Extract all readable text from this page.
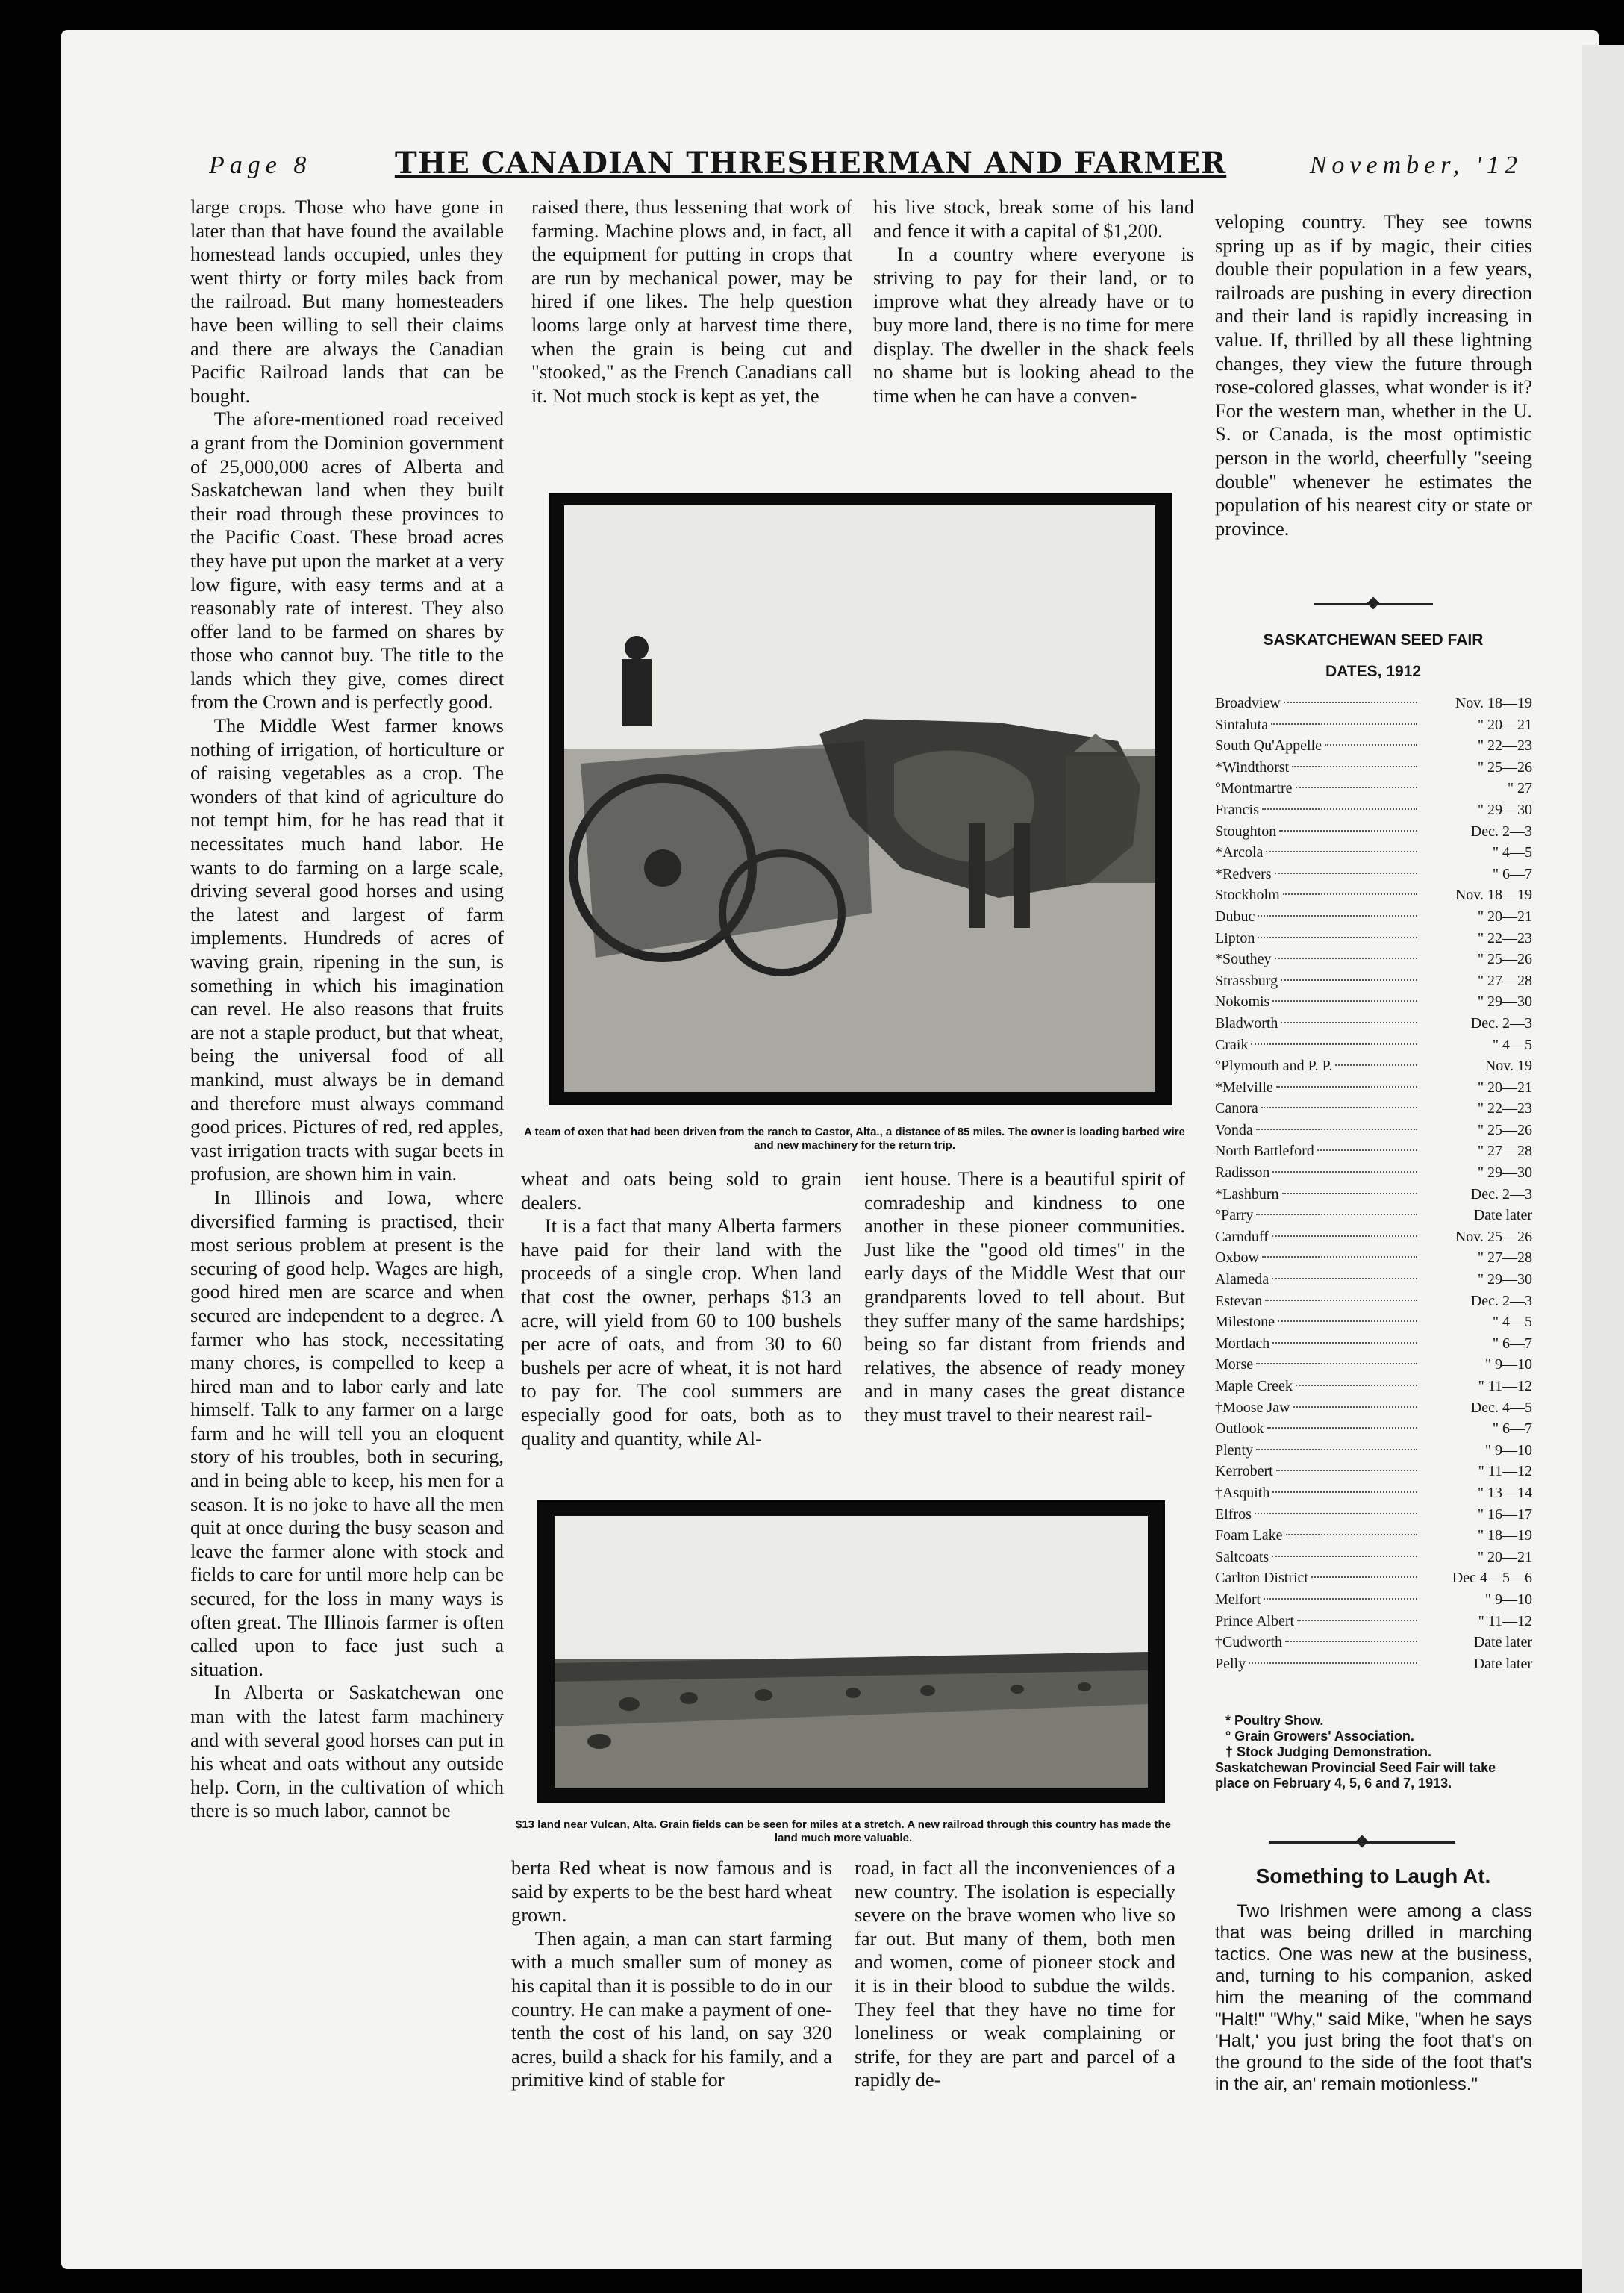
Page 8	THE CANADIAN THRESHERMAN AND FARMER	November, '12

large crops. Those who have gone in later than that have found the available homestead lands occupied, unles they went thirty or forty miles back from the railroad. But many homesteaders have been willing to sell their claims and there are always the Canadian Pacific Railroad lands that can be bought.

The afore-mentioned road received a grant from the Dominion government of 25,000,000 acres of Alberta and Saskatchewan land when they built their road through these provinces to the Pacific Coast. These broad acres they have put upon the market at a very low figure, with easy terms and at a reasonably rate of interest. They also offer land to be farmed on shares by those who cannot buy. The title to the lands which they give, comes direct from the Crown and is perfectly good.

The Middle West farmer knows nothing of irrigation, of horticulture or of raising vegetables as a crop. The wonders of that kind of agriculture do not tempt him, for he has read that it necessitates much hand labor. He wants to do farming on a large scale, driving several good horses and using the latest and largest of farm implements. Hundreds of acres of waving grain, ripening in the sun, is something in which his imagination can revel. He also reasons that fruits are not a staple product, but that wheat, being the universal food of all mankind, must always be in demand and therefore must always command good prices. Pictures of red, red apples, vast irrigation tracts with sugar beets in profusion, are shown him in vain.

In Illinois and Iowa, where diversified farming is practised, their most serious problem at present is the securing of good help. Wages are high, good hired men are scarce and when secured are independent to a degree. A farmer who has stock, necessitating many chores, is compelled to keep a hired man and to labor early and late himself. Talk to any farmer on a large farm and he will tell you an eloquent story of his troubles, both in securing, and in being able to keep, his men for a season. It is no joke to have all the men quit at once during the busy season and leave the farmer alone with stock and fields to care for until more help can be secured, for the loss in many ways is often great. The Illinois farmer is often called upon to face just such a situation.

In Alberta or Saskatchewan one man with the latest farm machinery and with several good horses can put in his wheat and oats without any outside help. Corn, in the cultivation of which there is so much labor, cannot be

raised there, thus lessening that work of farming. Machine plows and, in fact, all the equipment for putting in crops that are run by mechanical power, may be hired if one likes. The help question looms large only at harvest time there, when the grain is being cut and "stooked," as the French Canadians call it. Not much stock is kept as yet, the

his live stock, break some of his land and fence it with a capital of $1,200.

In a country where everyone is striving to pay for their land, or to improve what they already have or to buy more land, there is no time for mere display. The dweller in the shack feels no shame but is looking ahead to the time when he can have a conven-

veloping country. They see towns spring up as if by magic, their cities double their population in a few years, railroads are pushing in every direction and their land is rapidly increasing in value. If, thrilled by all these lightning changes, they view the future through rose-colored glasses, what wonder is it? For the western man, whether in the U. S. or Canada, is the most optimistic person in the world, cheerfully "seeing double" whenever he estimates the population of his nearest city or state or province.

A team of oxen that had been driven from the ranch to Castor, Alta., a distance of 85 miles. The owner is loading barbed wire and new machinery for the return trip.

wheat and oats being sold to grain dealers.

It is a fact that many Alberta farmers have paid for their land with the proceeds of a single crop. When land that cost the owner, perhaps $13 an acre, will yield from 60 to 100 bushels per acre of oats, and from 30 to 60 bushels per acre of wheat, it is not hard to pay for. The cool summers are especially good for oats, both as to quality and quantity, while Al-

ient house. There is a beautiful spirit of comradeship and kindness to one another in these pioneer communities. Just like the "good old times" in the early days of the Middle West that our grandparents loved to tell about. But they suffer many of the same hardships; being so far distant from friends and relatives, the absence of ready money and in many cases the great distance they must travel to their nearest rail-

$13 land near Vulcan, Alta. Grain fields can be seen for miles at a stretch. A new railroad through this country has made the land much more valuable.

berta Red wheat is now famous and is said by experts to be the best hard wheat grown.

Then again, a man can start farming with a much smaller sum of money as his capital than it is possible to do in our country. He can make a payment of one-tenth the cost of his land, on say 320 acres, build a shack for his family, and a primitive kind of stable for

road, in fact all the inconveniences of a new country. The isolation is especially severe on the brave women who live so far out. But many of them, both men and women, come of pioneer stock and it is in their blood to subdue the wilds. They feel that they have no time for loneliness or weak complaining or strife, for they are part and parcel of a rapidly de-

SASKATCHEWAN SEED FAIR
DATES, 1912
Broadview	Nov. 18—19
Sintaluta	" 20—21
South Qu'Appelle	" 22—23
*Windthorst	" 25—26
°Montmartre	" 27
Francis	" 29—30
Stoughton	Dec. 2—3
*Arcola	" 4—5
*Redvers	" 6—7
Stockholm	Nov. 18—19
Dubuc	" 20—21
Lipton	" 22—23
*Southey	" 25—26
Strassburg	" 27—28
Nokomis	" 29—30
Bladworth	Dec. 2—3
Craik	" 4—5
°Plymouth and P. P.	Nov. 19
*Melville	" 20—21
Canora	" 22—23
Vonda	" 25—26
North Battleford	" 27—28
Radisson	" 29—30
*Lashburn	Dec. 2—3
°Parry	Date later
Carnduff	Nov. 25—26
Oxbow	" 27—28
Alameda	" 29—30
Estevan	Dec. 2—3
Milestone	" 4—5
Mortlach	" 6—7
Morse	" 9—10
Maple Creek	" 11—12
†Moose Jaw	Dec. 4—5
Outlook	" 6—7
Plenty	" 9—10
Kerrobert	" 11—12
†Asquith	" 13—14
Elfros	" 16—17
Foam Lake	" 18—19
Saltcoats	" 20—21
Carlton District	Dec 4—5—6
Melfort	" 9—10
Prince Albert	" 11—12
†Cudworth	Date later
Pelly	Date later
* Poultry Show.
° Grain Growers' Association.
† Stock Judging Demonstration.
Saskatchewan Provincial Seed Fair will take place on February 4, 5, 6 and 7, 1913.
Something to Laugh At.

Two Irishmen were among a class that was being drilled in marching tactics. One was new at the business, and, turning to his companion, asked him the meaning of the command "Halt!" "Why," said Mike, "when he says 'Halt,' you just bring the foot that's on the ground to the side of the foot that's in the air, an' remain motionless."
